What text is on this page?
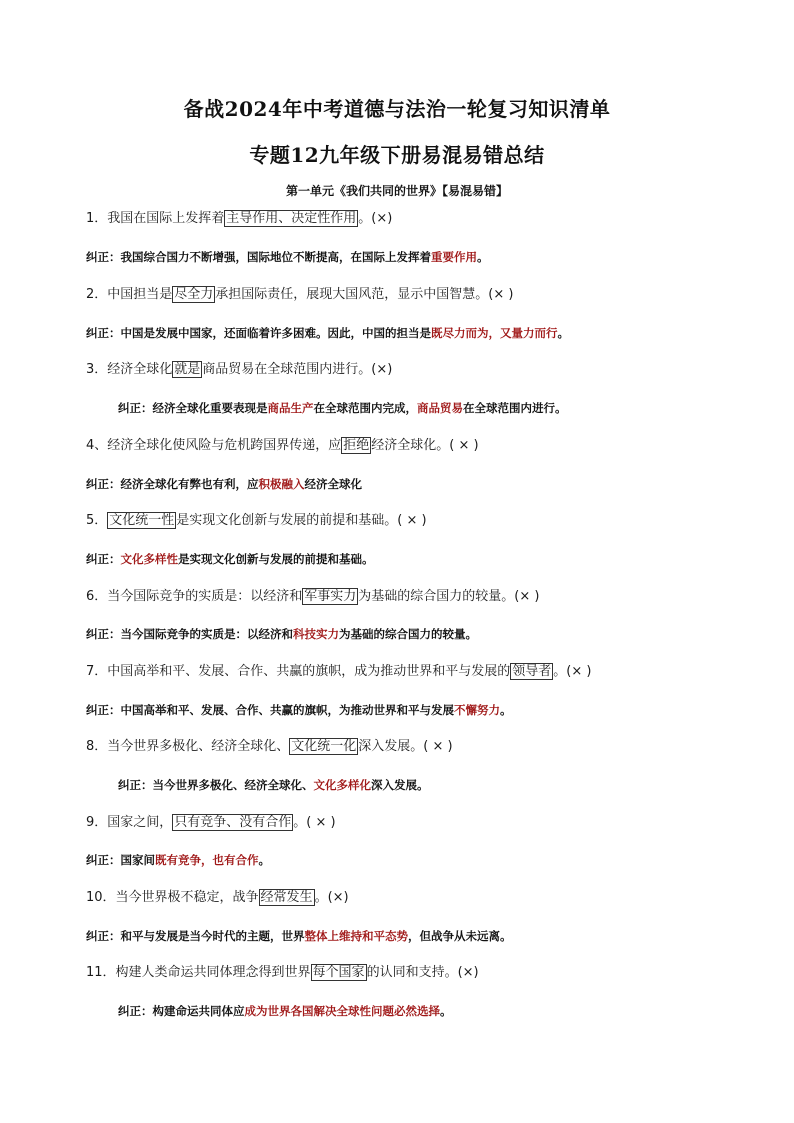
备战2024年中考道德与法治一轮复习知识清单
专题12九年级下册易混易错总结
第一单元《我们共同的世界》【易混易错】
1．我国在国际上发挥着 主导作用、决定性作用 。(×)
纠正：我国综合国力不断增强，国际地位不断提高，在国际上发挥着重要作用。
2．中国担当是 尽全力 承担国际责任，展现大国风范，显示中国智慧。(× )
纠正：中国是发展中国家，还面临着许多困难。因此，中国的担当是既尽力而为，又量力而行。
3．经济全球化 就是 商品贸易在全球范围内进行。(×)
纠正：经济全球化重要表现是商品生产在全球范围内完成，商品贸易在全球范围内进行。
4、经济全球化使风险与危机跨国界传递，应 拒绝 经济全球化。( × )
纠正：经济全球化有弊也有利，应积极融入经济全球化
5． 文化统一性 是实现文化创新与发展的前提和基础。( × )
纠正：文化多样性是实现文化创新与发展的前提和基础。
6．当今国际竞争的实质是：以经济和 军事实力 为基础的综合国力的较量。(× )
纠正：当今国际竞争的实质是：以经济和科技实力为基础的综合国力的较量。
7．中国高举和平、发展、合作、共赢的旗帜，成为推动世界和平与发展的 领导者 。(× )
纠正：中国高举和平、发展、合作、共赢的旗帜，为推动世界和平与发展不懈努力。
8．当今世界多极化、经济全球化、 文化统一化 深入发展。( × )
纠正：当今世界多极化、经济全球化、文化多样化深入发展。
9．国家之间， 只有竞争、没有合作 。( × )
纠正：国家间既有竞争，也有合作。
10．当今世界极不稳定，战争 经常发生 。(×)
纠正：和平与发展是当今时代的主题，世界整体上维持和平态势，但战争从未远离。
11．构建人类命运共同体理念得到世界 每个国家 的认同和支持。(×)
纠正：构建命运共同体应成为世界各国解决全球性问题必然选择。
